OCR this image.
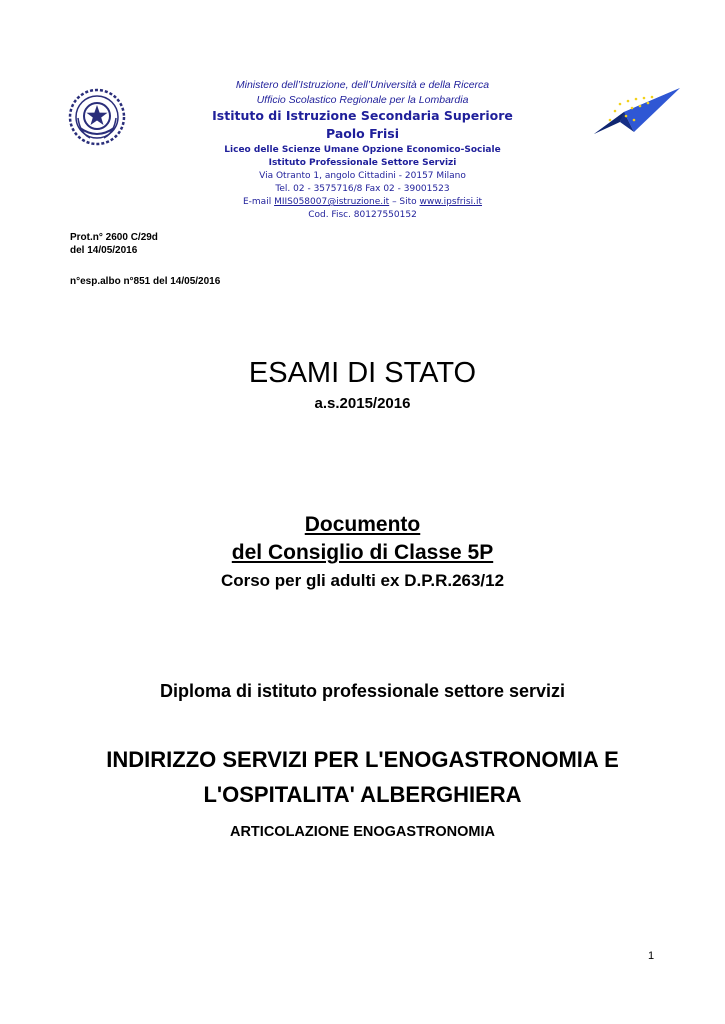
Ministero dell’Istruzione, dell’Università e della Ricerca
Ufficio Scolastico Regionale per la Lombardia
Istituto di Istruzione Secondaria Superiore
Paolo Frisi
Liceo delle Scienze Umane Opzione Economico-Sociale
Istituto Professionale Settore Servizi
Via Otranto 1, angolo Cittadini - 20157 Milano
Tel. 02 - 3575716/8 Fax 02 - 39001523
E-mail MIIS058007@istruzione.it – Sito www.ipsfrisi.it
Cod. Fisc. 80127550152
Prot.n° 2600 C/29d
del 14/05/2016
n°esp.albo n°851 del 14/05/2016
ESAMI DI STATO
a.s.2015/2016
Documento
del Consiglio di Classe 5P
Corso per gli adulti ex D.P.R.263/12
Diploma di istituto professionale settore servizi
INDIRIZZO SERVIZI PER L'ENOGASTRONOMIA E
L'OSPITALITA' ALBERGHIERA
ARTICOLAZIONE ENOGASTRONOMIA
1
